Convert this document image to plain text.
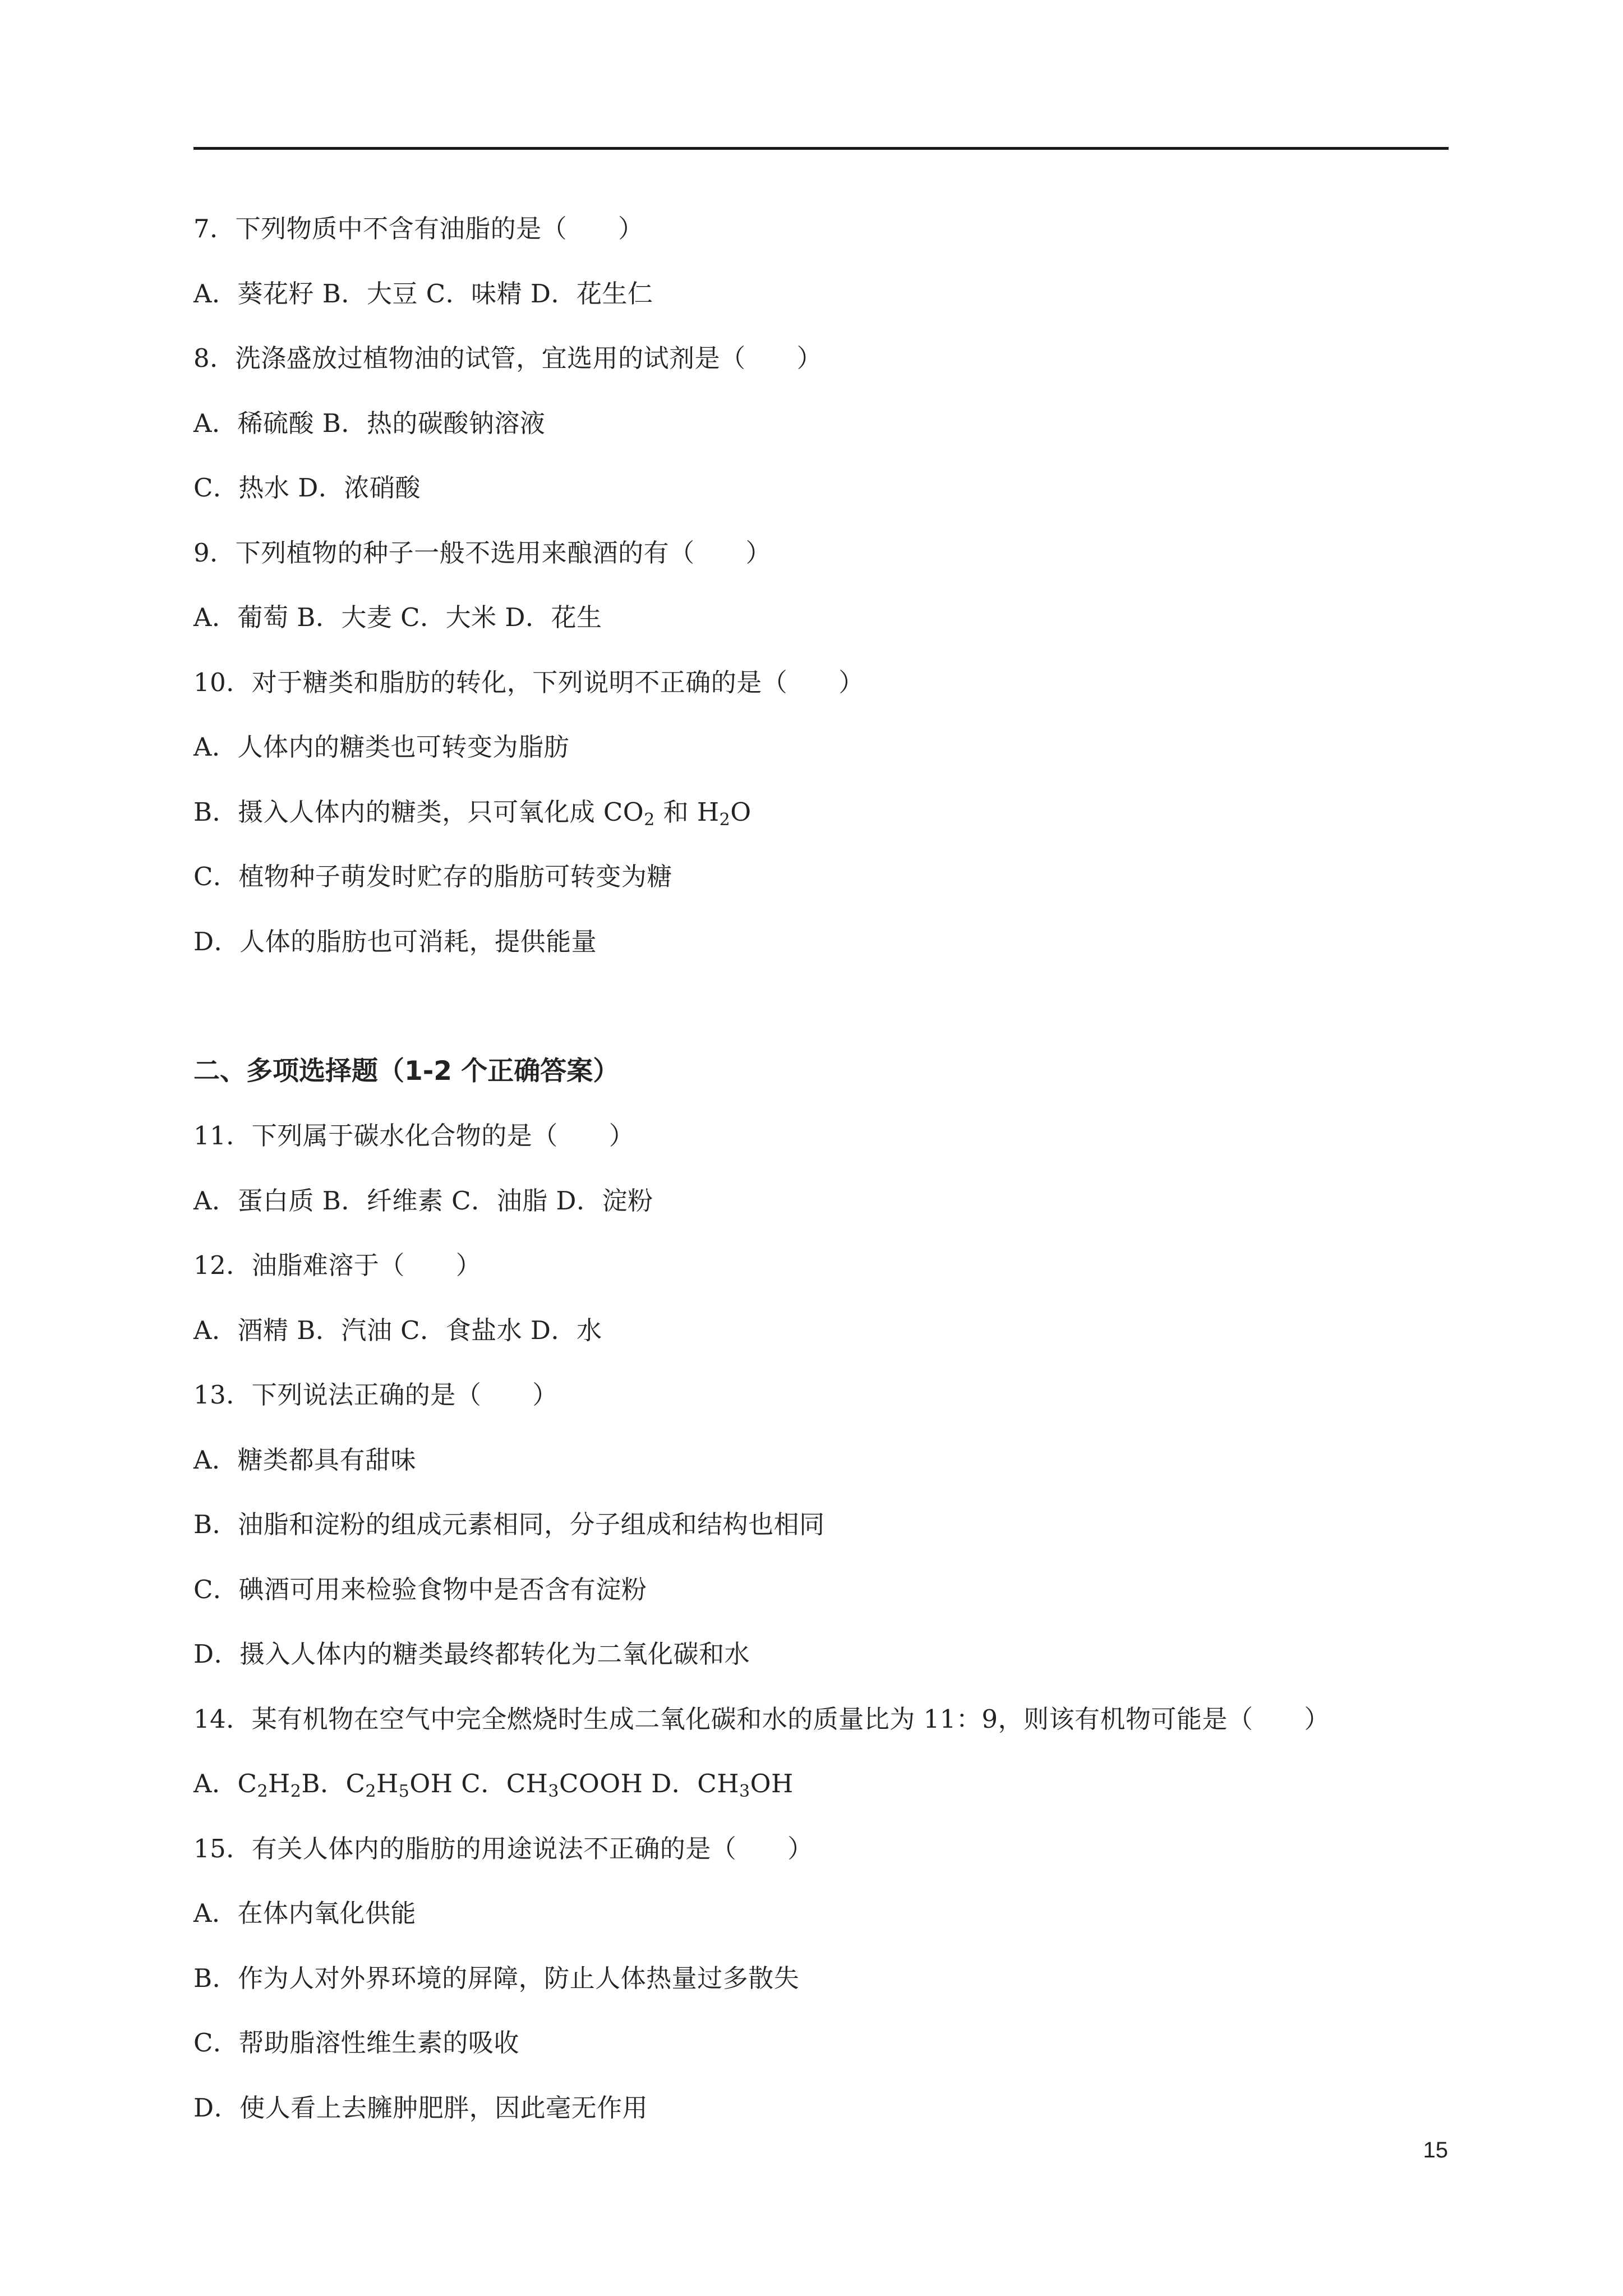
7．下列物质中不含有油脂的是（　　）
A．葵花籽 B．大豆 C．味精 D．花生仁
8．洗涤盛放过植物油的试管，宜选用的试剂是（　　）
A．稀硫酸 B．热的碳酸钠溶液
C．热水 D．浓硝酸
9．下列植物的种子一般不选用来酿酒的有（　　）
A．葡萄 B．大麦 C．大米 D．花生
10．对于糖类和脂肪的转化，下列说明不正确的是（　　）
A．人体内的糖类也可转变为脂肪
B．摄入人体内的糖类，只可氧化成 $CO_2$ 和 $H_2O$
C．植物种子萌发时贮存的脂肪可转变为糖
D．人体的脂肪也可消耗，提供能量
二、多项选择题（1-2 个正确答案）
11．下列属于碳水化合物的是（　　）
A．蛋白质 B．纤维素 C．油脂 D．淀粉
12．油脂难溶于（　　）
A．酒精 B．汽油 C．食盐水 D．水
13．下列说法正确的是（　　）
A．糖类都具有甜味
B．油脂和淀粉的组成元素相同，分子组成和结构也相同
C．碘酒可用来检验食物中是否含有淀粉
D．摄入人体内的糖类最终都转化为二氧化碳和水
14．某有机物在空气中完全燃烧时生成二氧化碳和水的质量比为 11：9，则该有机物可能是（　　）
A．$C_2H_2B$．$C_2H_5OH$ C．$CH_3COOH$ D．$CH_3OH$
15．有关人体内的脂肪的用途说法不正确的是（　　）
A．在体内氧化供能
B．作为人对外界环境的屏障，防止人体热量过多散失
C．帮助脂溶性维生素的吸收
D．使人看上去臃肿肥胖，因此毫无作用
15
